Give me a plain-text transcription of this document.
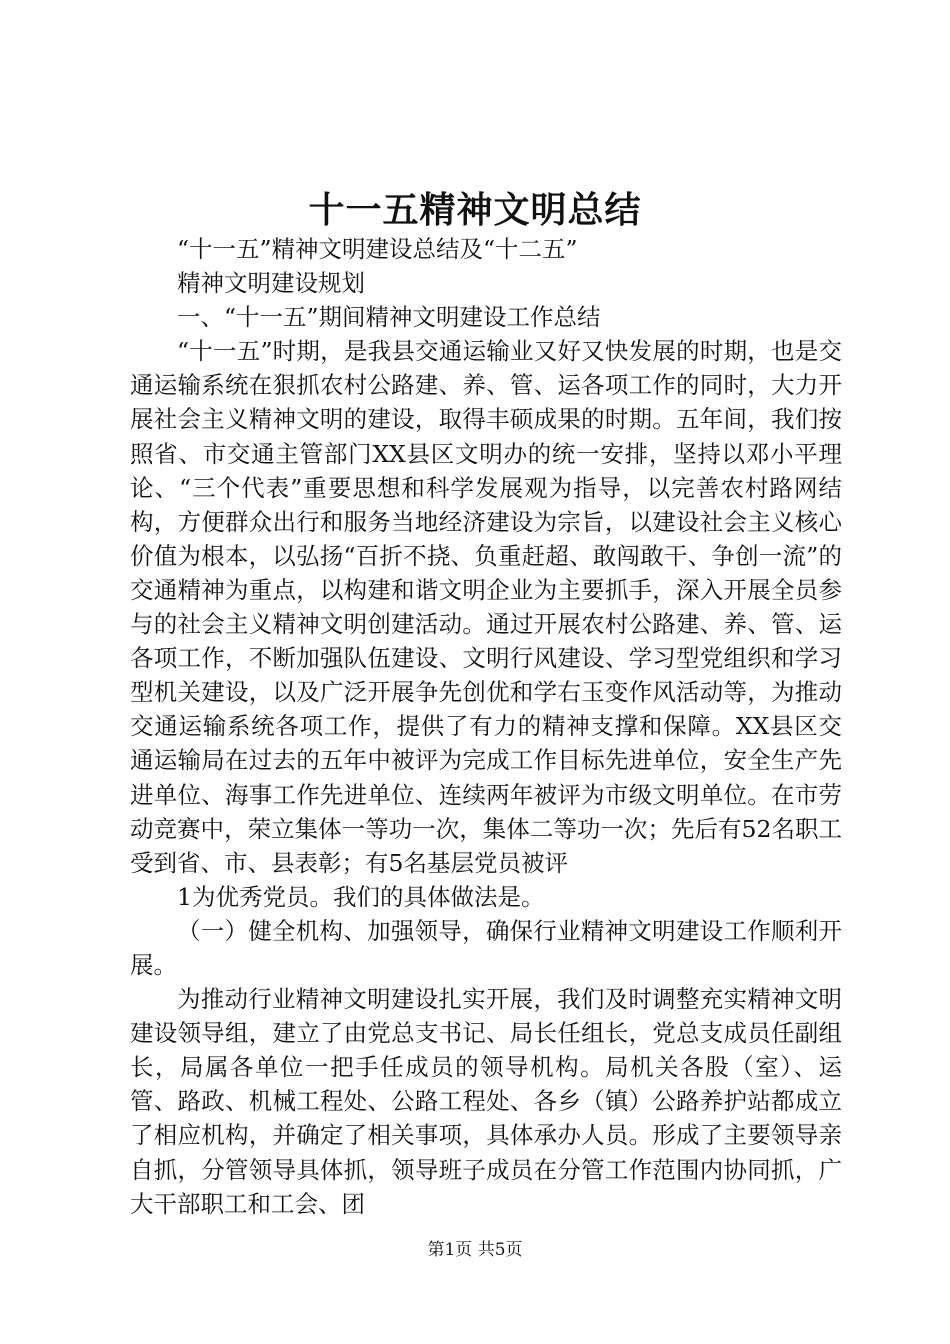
十一五精神文明总结

“十一五”精神文明建设总结及“十二五”

精神文明建设规划

一、“十一五”期间精神文明建设工作总结

“十一五”时期，是我县交通运输业又好又快发展的时期，也是交通运输系统在狠抓农村公路建、养、管、运各项工作的同时，大力开展社会主义精神文明的建设，取得丰硕成果的时期。五年间，我们按照省、市交通主管部门XX县区文明办的统一安排，坚持以邓小平理论、“三个代表”重要思想和科学发展观为指导，以完善农村路网结构，方便群众出行和服务当地经济建设为宗旨，以建设社会主义核心价值为根本，以弘扬“百折不挠、负重赶超、敢闯敢干、争创一流”的交通精神为重点，以构建和谐文明企业为主要抓手，深入开展全员参与的社会主义精神文明创建活动。通过开展农村公路建、养、管、运各项工作，不断加强队伍建设、文明行风建设、学习型党组织和学习型机关建设，以及广泛开展争先创优和学右玉变作风活动等，为推动交通运输系统各项工作，提供了有力的精神支撑和保障。XX县区交通运输局在过去的五年中被评为完成工作目标先进单位，安全生产先进单位、海事工作先进单位、连续两年被评为市级文明单位。在市劳动竞赛中，荣立集体一等功一次，集体二等功一次；先后有52名职工受到省、市、县表彰；有5名基层党员被评

1为优秀党员。我们的具体做法是。

（一）健全机构、加强领导，确保行业精神文明建设工作顺利开展。

为推动行业精神文明建设扎实开展，我们及时调整充实精神文明建设领导组，建立了由党总支书记、局长任组长，党总支成员任副组长，局属各单位一把手任成员的领导机构。局机关各股（室）、运管、路政、机械工程处、公路工程处、各乡（镇）公路养护站都成立了相应机构，并确定了相关事项，具体承办人员。形成了主要领导亲自抓，分管领导具体抓，领导班子成员在分管工作范围内协同抓，广大干部职工和工会、团

第1页 共5页
